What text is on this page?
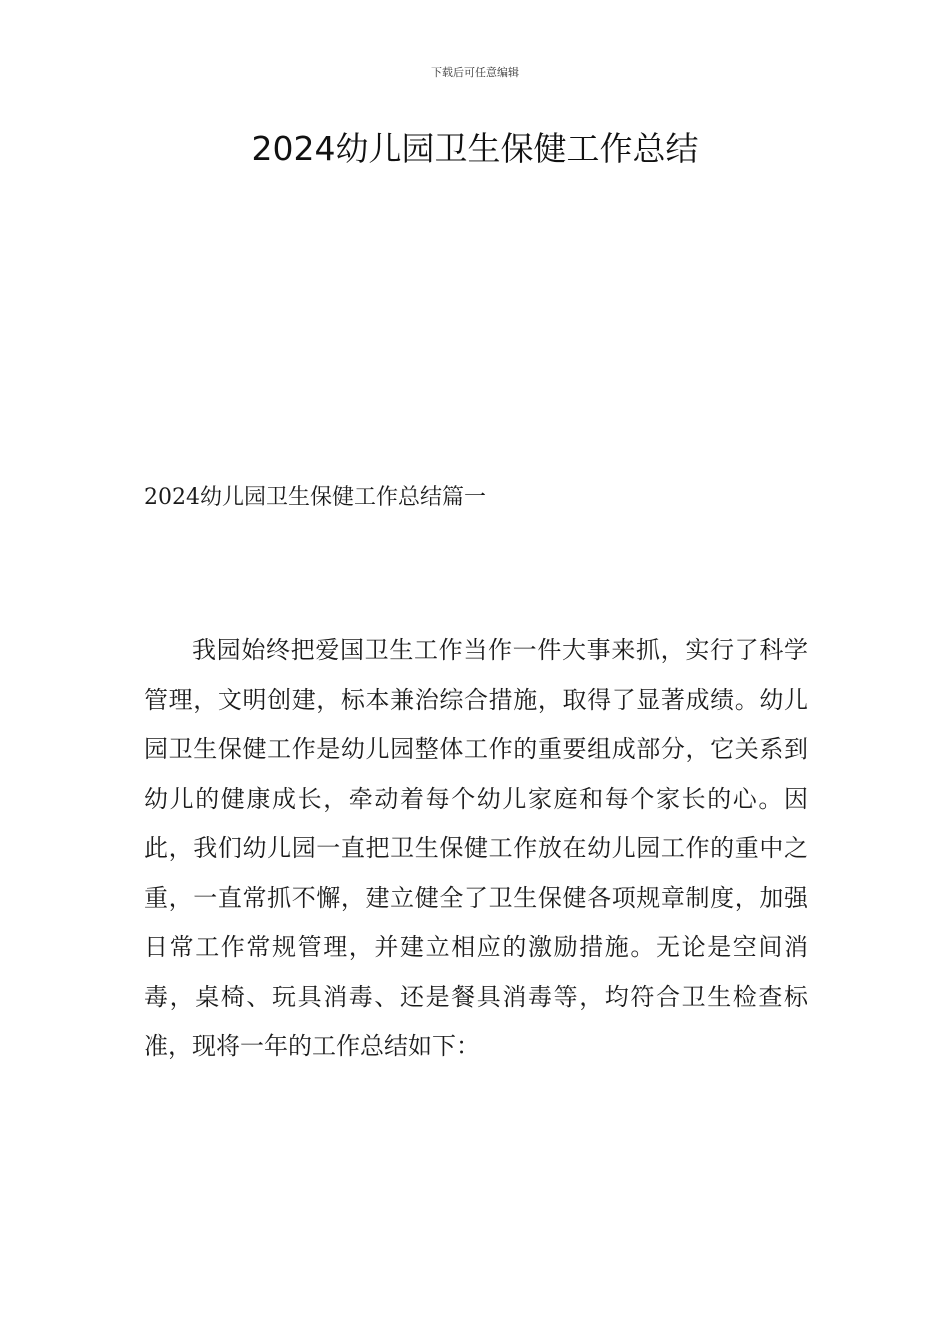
下载后可任意编辑
2024幼儿园卫生保健工作总结
2024幼儿园卫生保健工作总结篇一

我园始终把爱国卫生工作当作一件大事来抓，实行了科学管理，文明创建，标本兼治综合措施，取得了显著成绩。幼儿园卫生保健工作是幼儿园整体工作的重要组成部分，它关系到幼儿的健康成长，牵动着每个幼儿家庭和每个家长的心。因此，我们幼儿园一直把卫生保健工作放在幼儿园工作的重中之重，一直常抓不懈，建立健全了卫生保健各项规章制度，加强日常工作常规管理，并建立相应的激励措施。无论是空间消毒，桌椅、玩具消毒、还是餐具消毒等，均符合卫生检查标准，现将一年的工作总结如下：
